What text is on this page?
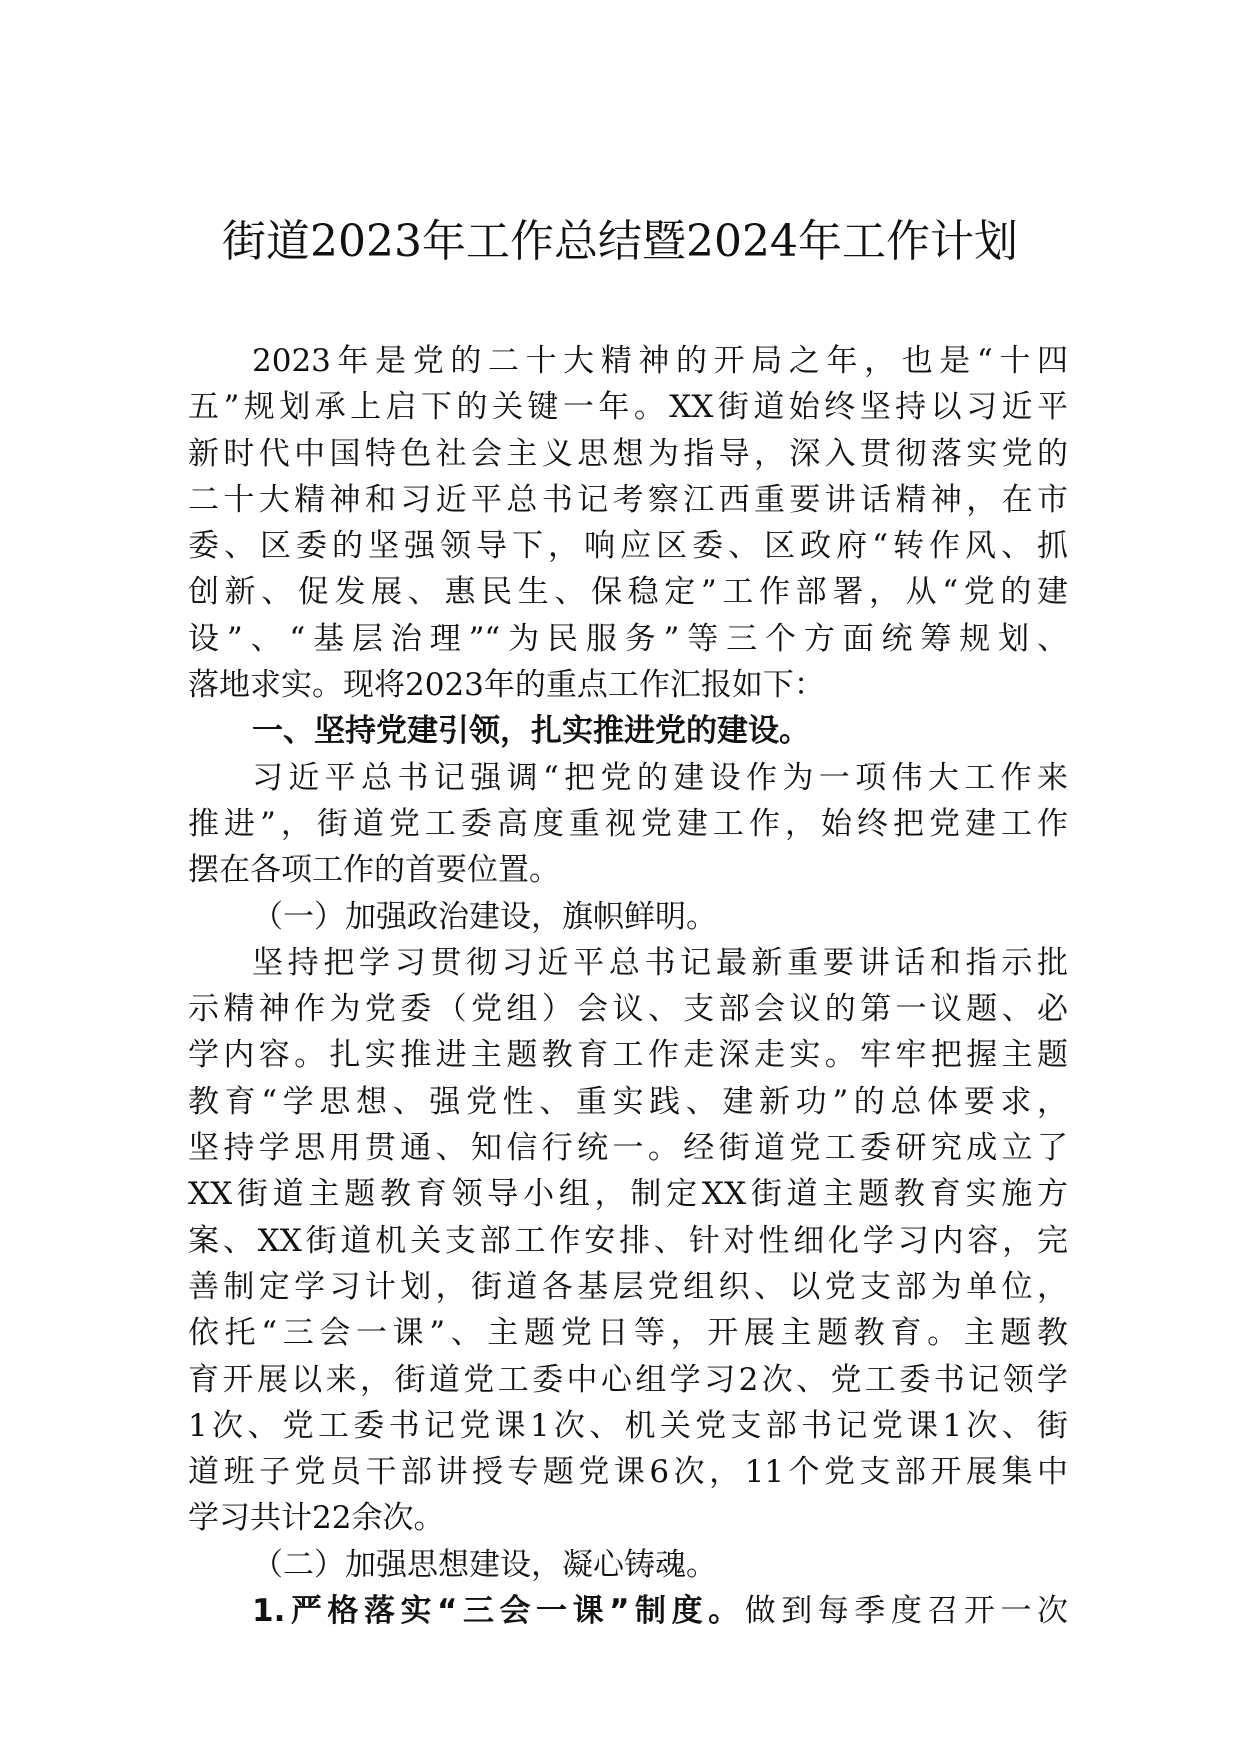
街道2023年工作总结暨2024年工作计划
2023年是党的二十大精神的开局之年，也是“十四
五”规划承上启下的关键一年。XX街道始终坚持以习近平
新时代中国特色社会主义思想为指导，深入贯彻落实党的
二十大精神和习近平总书记考察江西重要讲话精神，在市
委、区委的坚强领导下，响应区委、区政府“转作风、抓
创新、促发展、惠民生、保稳定”工作部署，从“党的建
设”、“基层治理”“为民服务”等三个方面统筹规划、
落地求实。现将2023年的重点工作汇报如下：
一、坚持党建引领，扎实推进党的建设。
习近平总书记强调“把党的建设作为一项伟大工作来
推进”，街道党工委高度重视党建工作，始终把党建工作
摆在各项工作的首要位置。
（一）加强政治建设，旗帜鲜明。
坚持把学习贯彻习近平总书记最新重要讲话和指示批
示精神作为党委（党组）会议、支部会议的第一议题、必
学内容。扎实推进主题教育工作走深走实。牢牢把握主题
教育“学思想、强党性、重实践、建新功”的总体要求，
坚持学思用贯通、知信行统一。经街道党工委研究成立了
XX街道主题教育领导小组，制定XX街道主题教育实施方
案、XX街道机关支部工作安排、针对性细化学习内容，完
善制定学习计划，街道各基层党组织、以党支部为单位，
依托“三会一课”、主题党日等，开展主题教育。主题教
育开展以来，街道党工委中心组学习2次、党工委书记领学
1次、党工委书记党课1次、机关党支部书记党课1次、街
道班子党员干部讲授专题党课6次，11个党支部开展集中
学习共计22余次。
（二）加强思想建设，凝心铸魂。
1.严格落实“三会一课”制度。做到每季度召开一次
